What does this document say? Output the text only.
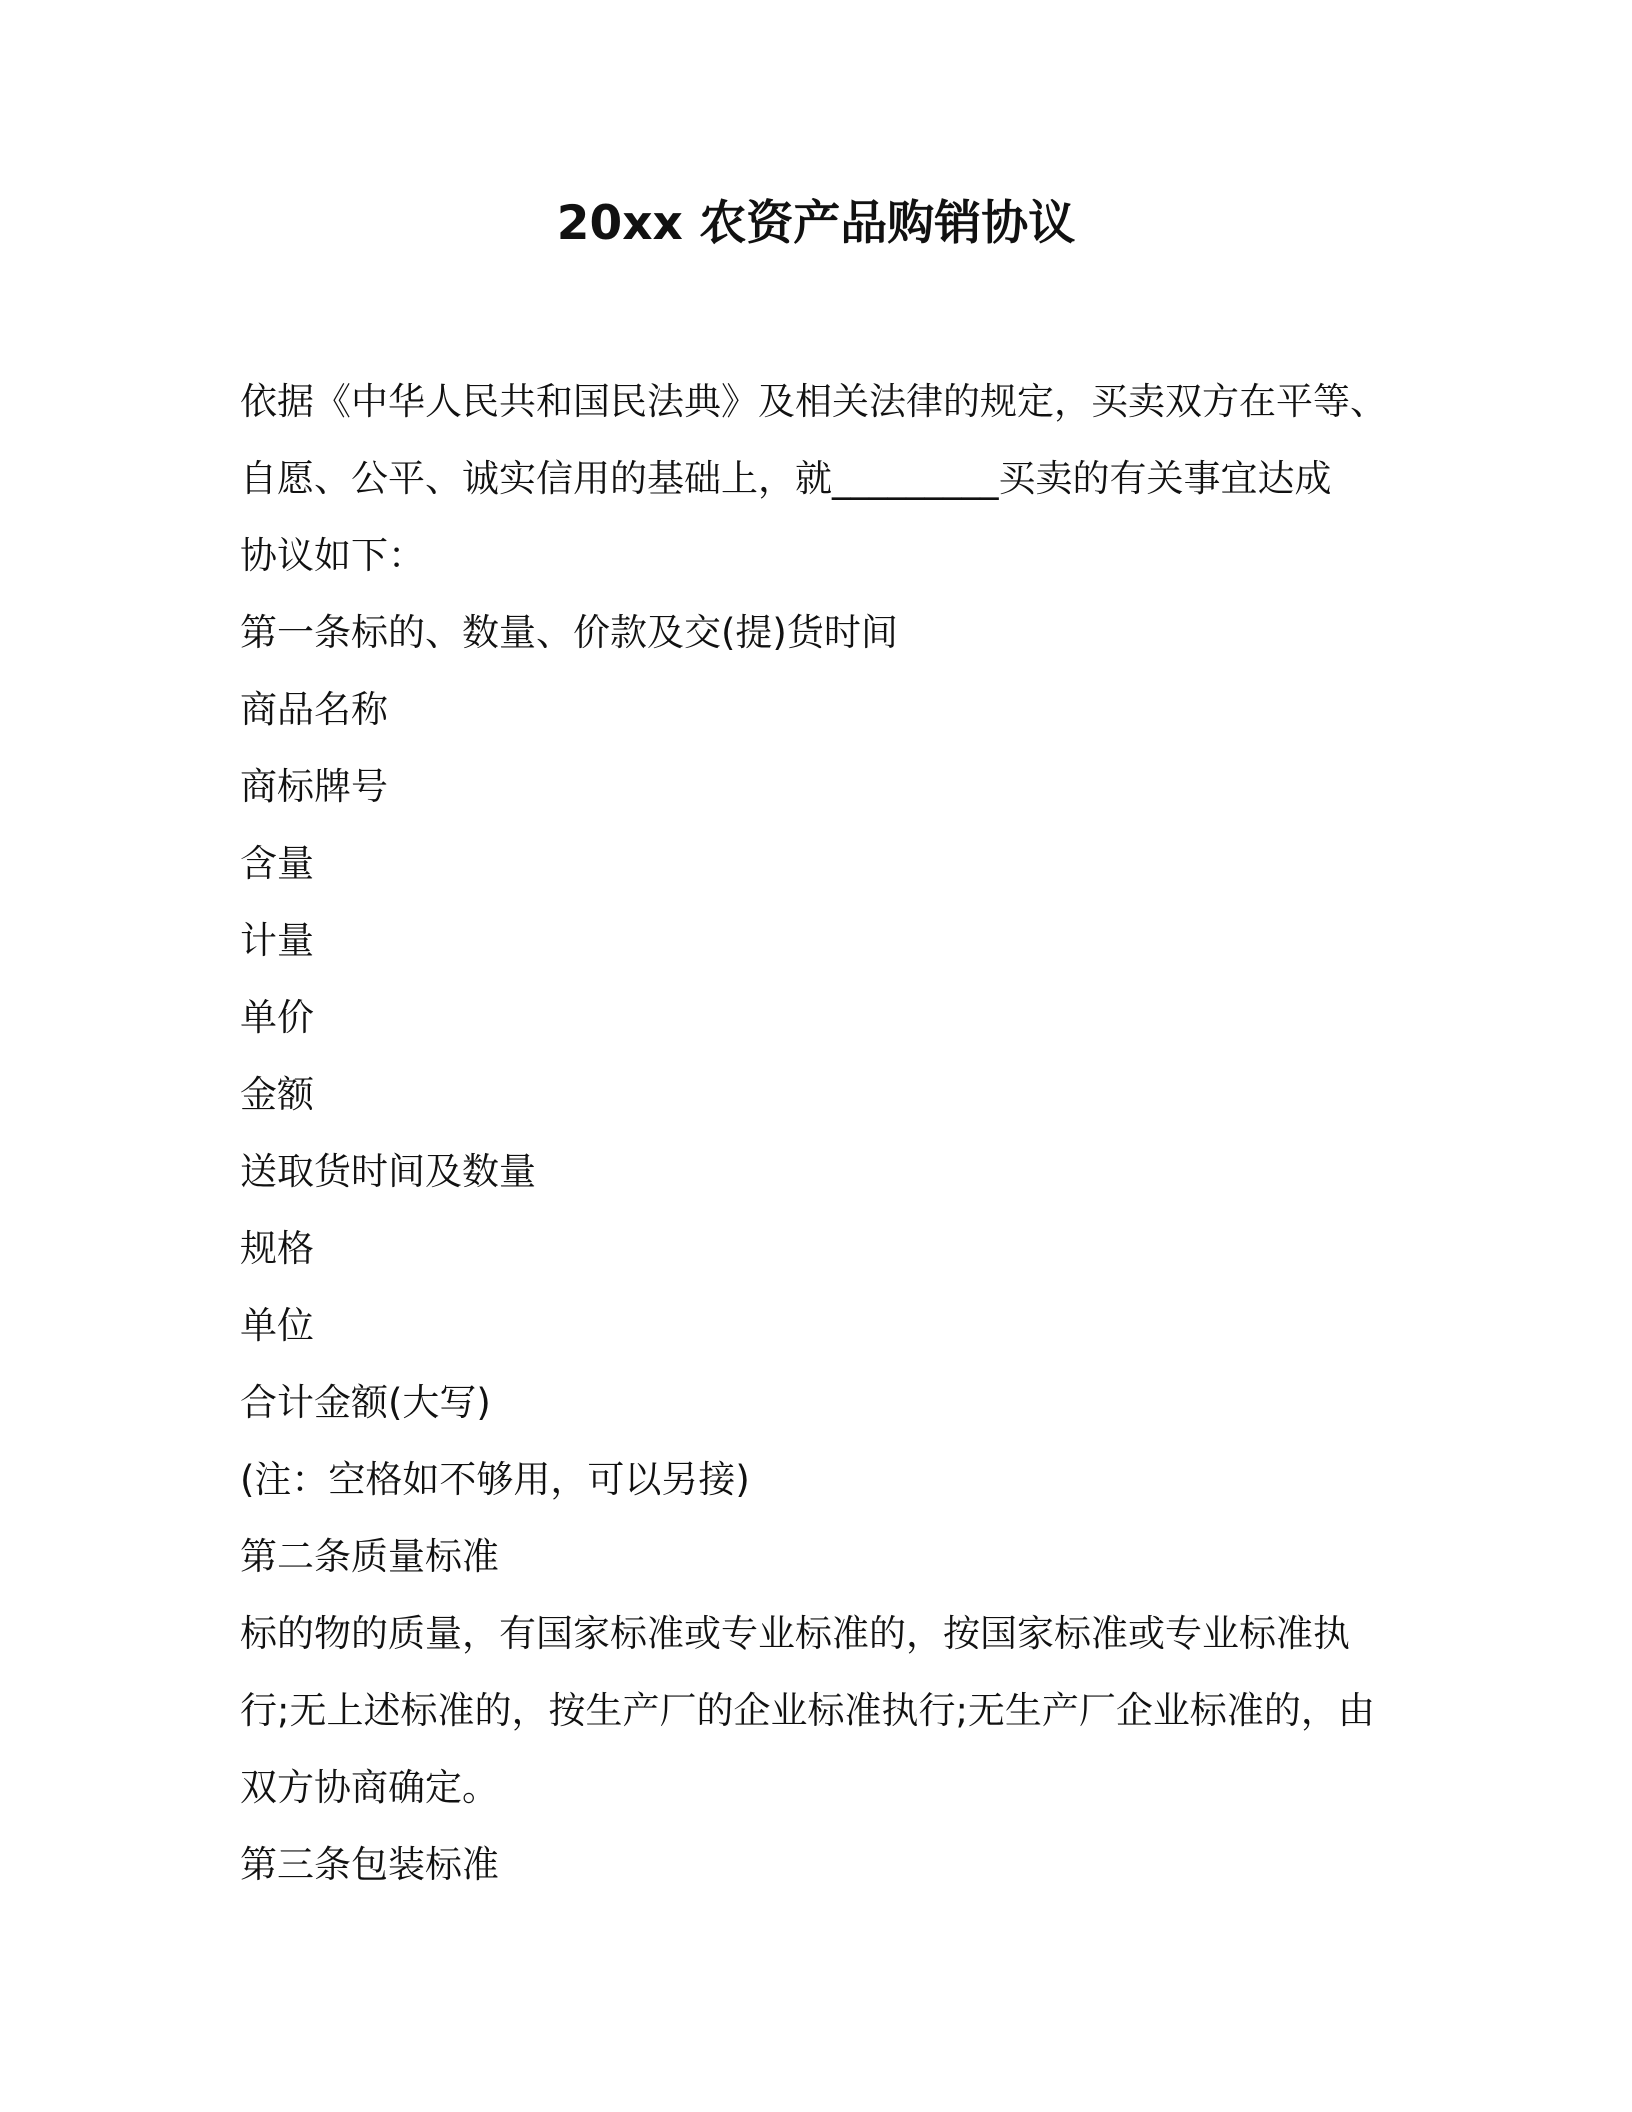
20xx 农资产品购销协议
依据《中华人民共和国民法典》及相关法律的规定，买卖双方在平等、
自愿、公平、诚实信用的基础上，就_________买卖的有关事宜达成
协议如下：
第一条标的、数量、价款及交(提)货时间
商品名称
商标牌号
含量
计量
单价
金额
送取货时间及数量
规格
单位
合计金额(大写)
(注：空格如不够用，可以另接)
第二条质量标准
标的物的质量，有国家标准或专业标准的，按国家标准或专业标准执
行;无上述标准的，按生产厂的企业标准执行;无生产厂企业标准的，由
双方协商确定。
第三条包装标准
